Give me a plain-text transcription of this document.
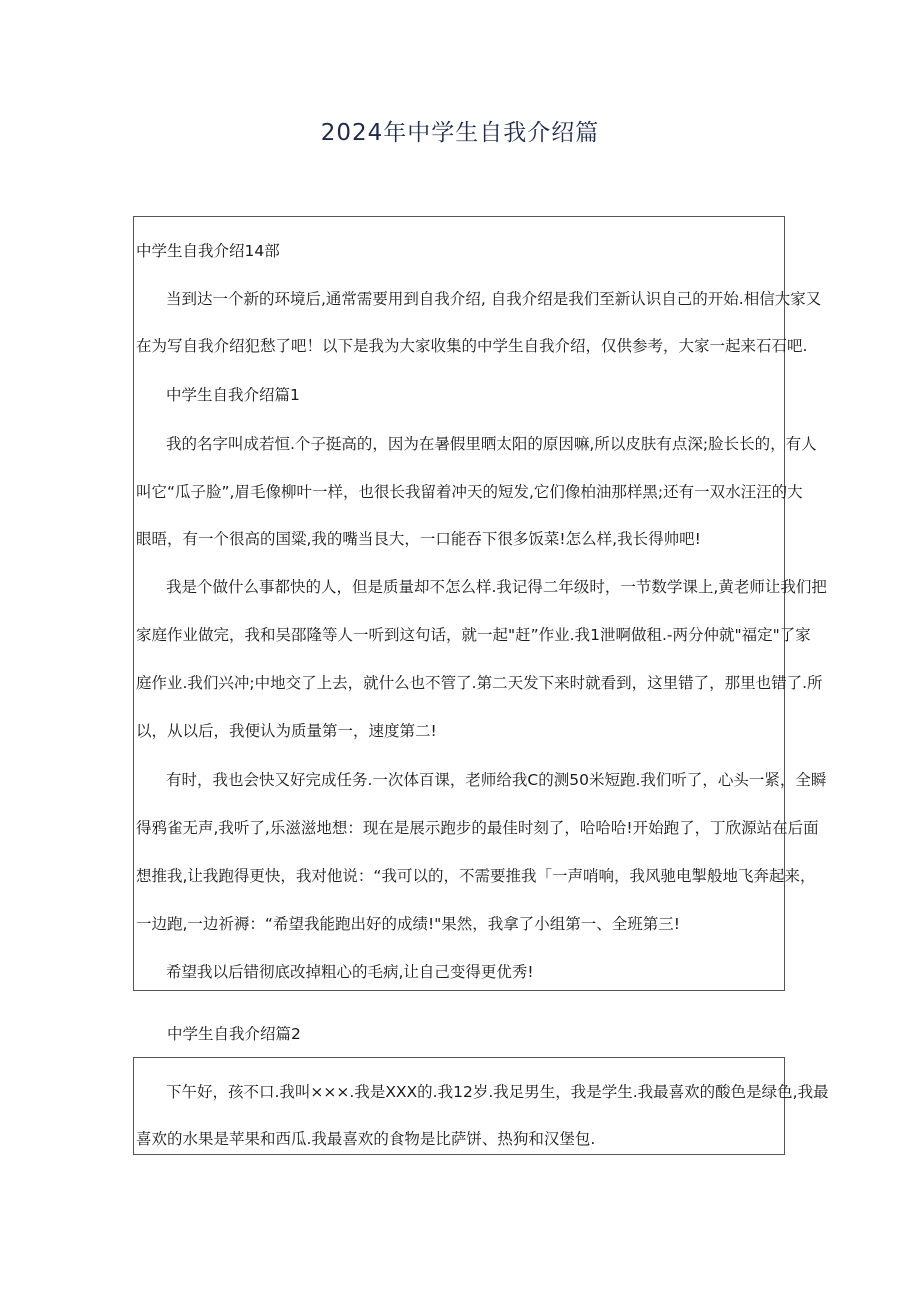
2024年中学生自我介绍篇
中学生自我介绍14部
当到达一个新的环境后,通常需要用到自我介绍, 自我介绍是我们至新认识自己的开始.相信大家又
在为写自我介绍犯愁了吧！以下是我为大家收集的中学生自我介绍，仅供参考，大家一起来石石吧.
中学生自我介绍篇1
我的名字叫成若恒.个子挺高的，因为在暑假里晒太阳的原因嘛,所以皮肤有点深;脸长长的，有人
叫它“瓜子脸”,眉毛像柳叶一样，也很长我留着冲天的短发,它们像柏油那样黑;还有一双水汪汪的大
眼晤，有一个很高的国粱,我的嘴当艮大，一口能吞下很多饭菜!怎么样,我长得帅吧!
我是个做什么事都快的人，但是质量却不怎么样.我记得二年级时，一节数学课上,黄老师让我们把
家庭作业做完，我和吴邵隆等人一听到这句话，就一起"赶”作业.我1泄啊做租.-两分仲就"福定"了家
庭作业.我们兴冲;中地交了上去，就什么也不管了.第二天发下来时就看到，这里错了，那里也错了.所
以，从以后，我便认为质量第一，速度第二!
有时，我也会快又好完成任务.一次体百课，老师给我C的测50米短跑.我们听了，心头一紧，全瞬
得鸦雀无声,我听了,乐滋滋地想：现在是展示跑步的最佳时刻了，哈哈哈!开始跑了，丁欣源站在后面
想推我,让我跑得更快，我对他说：“我可以的，不需要推我「一声哨响，我风驰电掣般地飞奔起来，
一边跑,一边祈褥：“希望我能跑出好的成绩!"果然，我拿了小组第一、全班第三!
希望我以后错彻底改掉粗心的毛病,让自己变得更优秀!
中学生自我介绍篇2
下午好，孩不口.我叫×××.我是XXX的.我12岁.我足男生，我是学生.我最喜欢的酸色是绿色,我最
喜欢的水果是苹果和西瓜.我最喜欢的食物是比萨饼、热狗和汉堡包.
